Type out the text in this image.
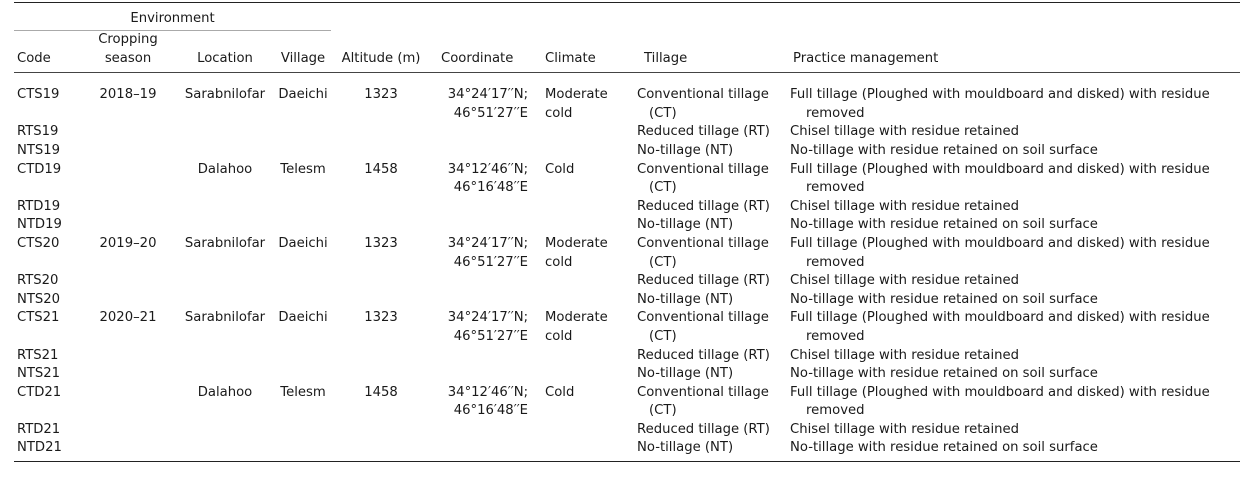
Environment								
Code	Cropping season	Location	Village	Altitude (m)	Coordinate	Climate	Tillage	Practice management
CTS19	2018–19	Sarabnilofar	Daeichi	1323	34°24′17′′N; 46°51′27′′E	Moderate cold	Conventional tillage (CT)	Full tillage (Ploughed with mouldboard and disked) with residue removed
RTS19							Reduced tillage (RT)	Chisel tillage with residue retained
NTS19							No-tillage (NT)	No-tillage with residue retained on soil surface
CTD19		Dalahoo	Telesm	1458	34°12′46′′N; 46°16′48′′E	Cold	Conventional tillage (CT)	Full tillage (Ploughed with mouldboard and disked) with residue removed
RTD19							Reduced tillage (RT)	Chisel tillage with residue retained
NTD19							No-tillage (NT)	No-tillage with residue retained on soil surface
CTS20	2019–20	Sarabnilofar	Daeichi	1323	34°24′17′′N; 46°51′27′′E	Moderate cold	Conventional tillage (CT)	Full tillage (Ploughed with mouldboard and disked) with residue removed
RTS20							Reduced tillage (RT)	Chisel tillage with residue retained
NTS20							No-tillage (NT)	No-tillage with residue retained on soil surface
CTS21	2020–21	Sarabnilofar	Daeichi	1323	34°24′17′′N; 46°51′27′′E	Moderate cold	Conventional tillage (CT)	Full tillage (Ploughed with mouldboard and disked) with residue removed
RTS21							Reduced tillage (RT)	Chisel tillage with residue retained
NTS21							No-tillage (NT)	No-tillage with residue retained on soil surface
CTD21		Dalahoo	Telesm	1458	34°12′46′′N; 46°16′48′′E	Cold	Conventional tillage (CT)	Full tillage (Ploughed with mouldboard and disked) with residue removed
RTD21							Reduced tillage (RT)	Chisel tillage with residue retained
NTD21							No-tillage (NT)	No-tillage with residue retained on soil surface
